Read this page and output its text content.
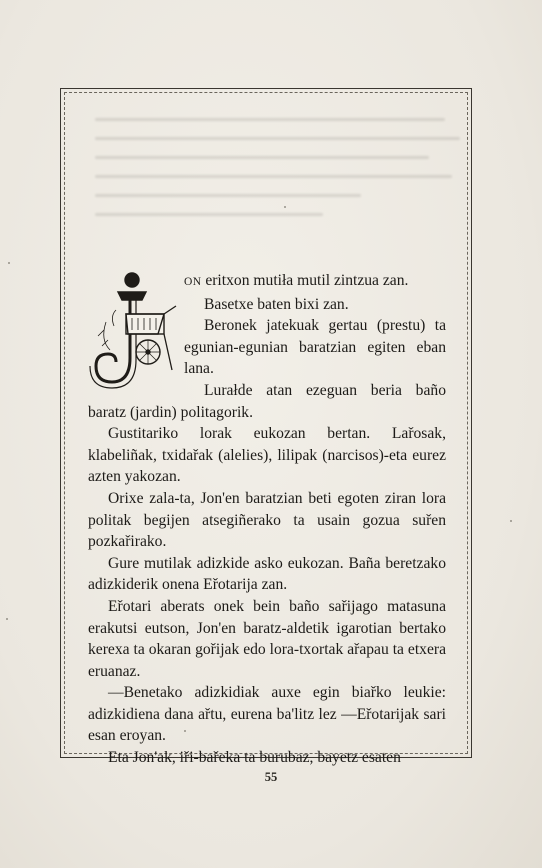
ON eritxon mutiła mutil zintzua zan.
Basetxe baten bixi zan.
Beronek jatekuak gertau (prestu) ta egunian-egunian baratzian egiten eban lana.

Lurałde atan ezeguan beria baño baratz (jardin) politagorik.

Gustitariko lorak eukozan bertan. Lařosak, klabeliñak, txidařak (alelies), lilipak (narcisos)-eta eurez azten yakozan.

Orixe zala-ta, Jon'en baratzian beti egoten ziran lora politak begijen atsegiñerako ta usain gozua suřen pozkařirako.

Gure mutilak adizkide asko eukozan. Baña beretzako adizkiderik onena Eřotarija zan.

Eřotari aberats onek bein baño sařijago matasuna erakutsi eutson, Jon'en baratz-aldetik igarotian bertako kerexa ta okaran gořijak edo lora-txortak ařapau ta etxera eruanaz.

—Benetako adizkidiak auxe egin biařko leukie: adizkidiena dana ařtu, eurena ba'litz lez —Eřotarijak sari esan eroyan.

Eta Jon'ak, iři-bařeka ta burubaz, bayetz esaten

55
